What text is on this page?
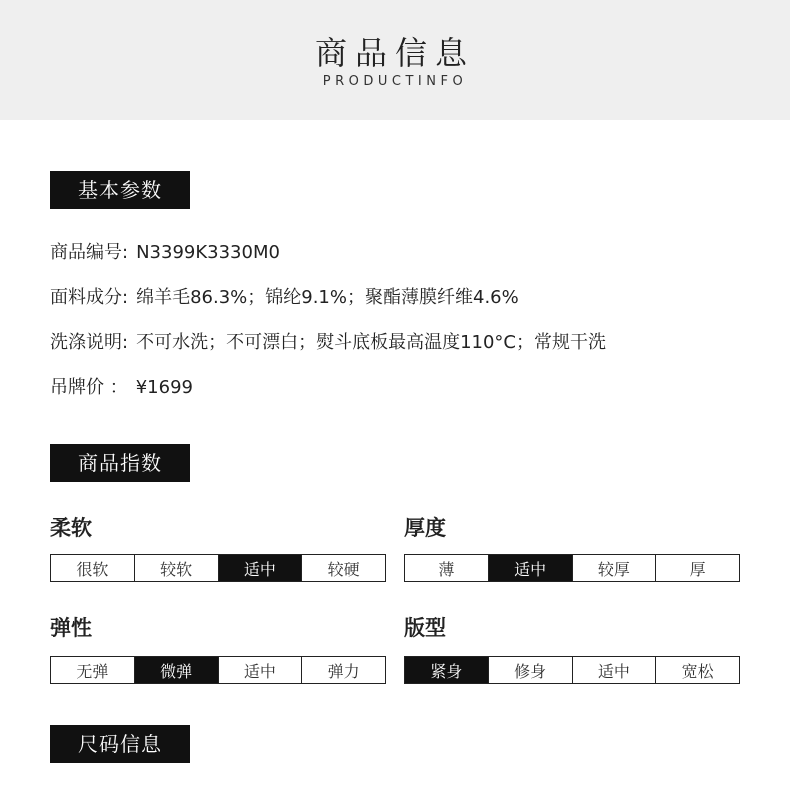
商品信息
PRODUCTINFO
基本参数
商品编号: N3399K3330M0
面料成分: 绵羊毛86.3%；锦纶9.1%；聚酯薄膜纤维4.6%
洗涤说明: 不可水洗；不可漂白；熨斗底板最高温度110°C；常规干洗
吊牌价 ： ¥1699
商品指数
柔软
很软	较软	适中	较硬
厚度
薄	适中	较厚	厚
弹性
无弹	微弹	适中	弹力
版型
紧身	修身	适中	宽松
尺码信息
